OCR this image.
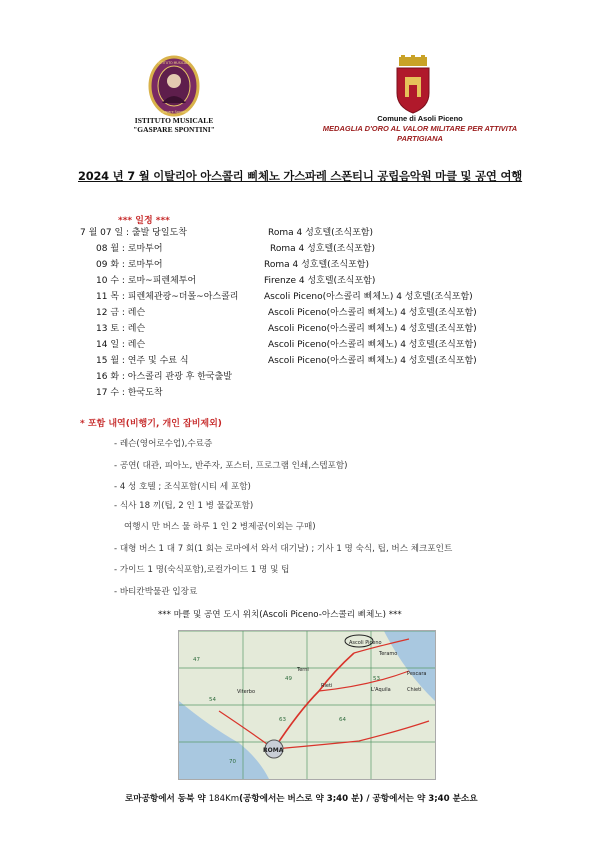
ISTITUTO MUSICALE
Gaspare Spontini
ISTITUTO MUSICALE
"GASPARE SPONTINI"
Comune di Asoli Piceno
MEDAGLIA D'ORO AL VALOR MILITARE PER ATTIVITA PARTIGIANA
2024 년 7 월 이탈리아 아스콜리 삐체노 가스파레 스폰티니 공립음악원 마클 및 공연 여행
*** 일정 ***
7 월 07 일 : 출발 당일도착	Roma 4 성호텔(조식포함)
08 월 : 로마투어	Roma 4 성호텔(조식포함)
09 화 : 로마투어	Roma 4 성호텔(조식포함)
10 수 : 로마~피렌체투어	Firenze 4 성호텔(조식포함)
11 목 : 피렌체관광~더몰~아스콜리	Ascoli Piceno(아스콜리 삐체노) 4 성호텔(조식포함)
12 금 : 레슨	Ascoli Piceno(아스콜리 삐체노) 4 성호텔(조식포함)
13 토 : 레슨	Ascoli Piceno(아스콜리 삐체노) 4 성호텔(조식포함)
14 일 : 레슨	Ascoli Piceno(아스콜리 삐체노) 4 성호텔(조식포함)
15 월 : 연주 및 수료 식	Ascoli Piceno(아스콜리 삐체노) 4 성호텔(조식포함)
16 화 : 아스콜리 관광 후 한국출발
17 수 : 한국도착
* 포함 내역(비행기, 개인 잡비제외)
- 레슨(영어로수업),수료증
- 공연( 대관, 피아노, 반주자, 포스터, 프로그램 인쇄,스텝포함)
- 4 성 호텔 ; 조식포함(시티 세 포함)
- 식사 18 끼(팁, 2 인 1 병 물값포함)
여행시 만 버스 물 하루 1 인 2 병제공(이외는 구매)
- 대형 버스 1 대 7 회(1 회는 로마에서 와서 대기날) ; 기사 1 명 숙식, 팁, 버스 체크포인트
- 가이드 1 명(숙식포함),로컬가이드 1 명 및 팁
- 바티칸박물관 입장료
*** 마클 및 공연 도시 위치(Ascoli Piceno-아스콜리 삐체노) ***
Ascoli Piceno
ROMA
Pescara
Rieti
Terni
Viterbo	L'Aquila	Chieti
Teramo
47
49	53
54
63	64
70
로마공항에서 동북 약 184Km(공항에서는 버스로 약 3;40 분) / 공항에서는 약 3;40 분소요
